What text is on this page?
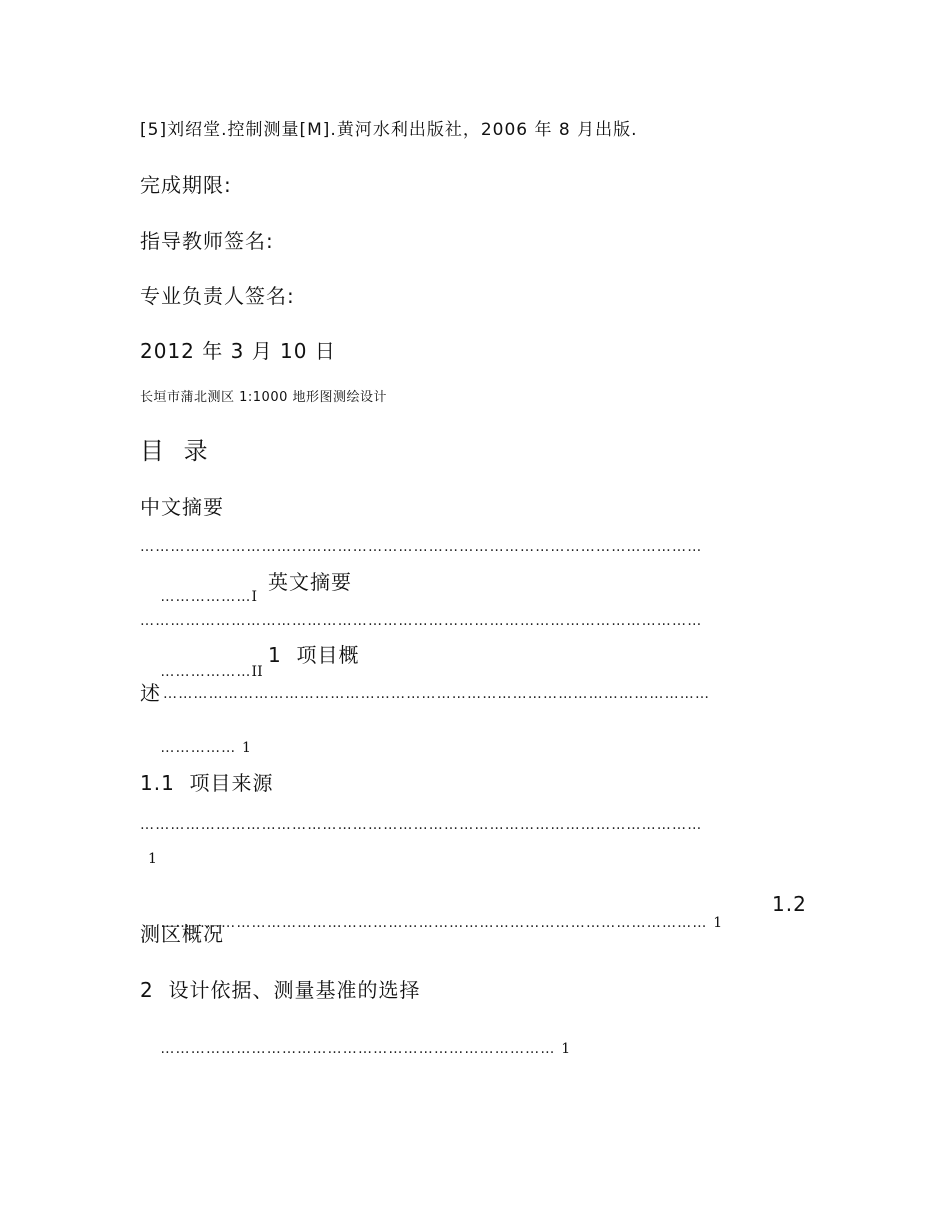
[5]刘绍堂.控制测量[M].黄河水利出版社，2006 年 8 月出版.
完成期限:
指导教师签名:
专业负责人签名:
2012 年 3 月 10 日
长垣市蒲北测区 1:1000 地形图测绘设计
目 录
中文摘要
…………………………………………………………………………………………………

………………I

英文摘要
…………………………………………………………………………………………………

………………II

1  项目概
述 ………………………………………………………………………………………………

…………… 1

1.1  项目来源
…………………………………………………………………………………………………
1

……………………………………………………………………………………………… 1

1.2
测区概况
2  设计依据、测量基准的选择

…………………………………………………………………… 1
